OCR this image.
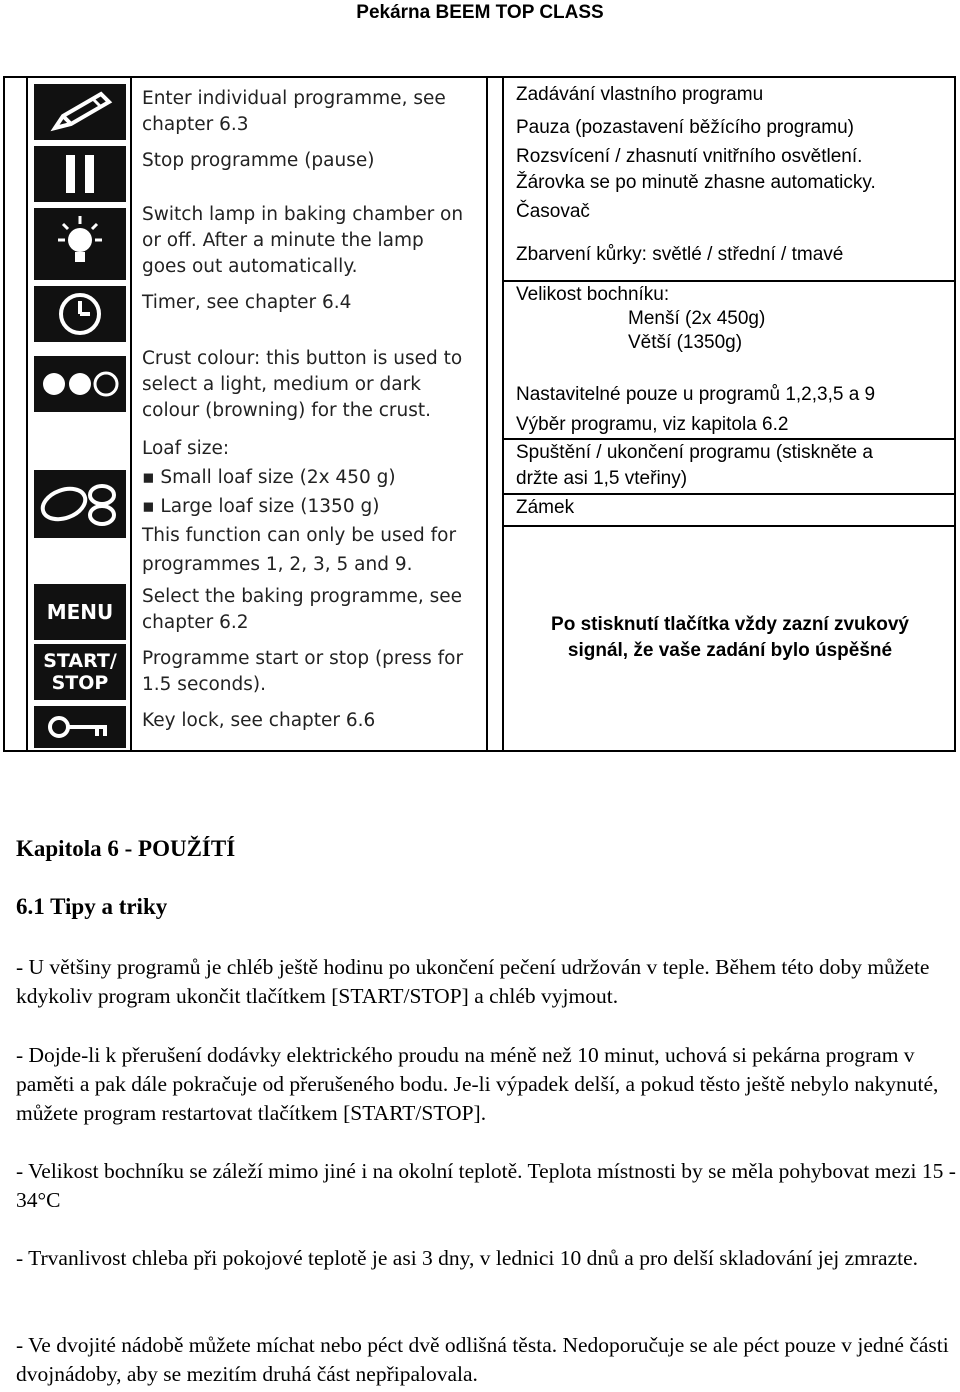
Pekárna BEEM TOP CLASS
MENU
START/
STOP
Enter individual programme, see
chapter 6.3
Stop programme (pause)
Switch lamp in baking chamber on
or off. After a minute the lamp
goes out automatically.
Timer, see chapter 6.4
Crust colour: this button is used to
select a light, medium or dark
colour (browning) for the crust.
Loaf size:
▪ Small loaf size (2x 450 g)
▪ Large loaf size (1350 g)
This function can only be used for
programmes 1, 2, 3, 5 and 9.
Select the baking programme, see
chapter 6.2
Programme start or stop (press for
1.5 seconds).
Key lock, see chapter 6.6
Zadávání vlastního programu
Pauza (pozastavení běžícího programu)
Rozsvícení / zhasnutí vnitřního osvětlení.
Žárovka se po minutě zhasne automaticky.
Časovač
Zbarvení kůrky: světlé / střední / tmavé
Velikost bochníku:
Menší (2x 450g)
Větší (1350g)
Nastavitelné pouze u programů 1,2,3,5 a 9
Výběr programu, viz kapitola 6.2
Spuštění / ukončení programu (stiskněte a
držte asi 1,5 vteřiny)
Zámek
Po stisknutí tlačítka vždy zazní zvukový
signál, že vaše zadání bylo úspěšné
Kapitola 6 - POUŽÍTÍ
6.1 Tipy a triky
- U většiny programů je chléb ještě hodinu po ukončení pečení udržován v teple. Během této doby můžete kdykoliv program ukončit tlačítkem [START/STOP] a chléb vyjmout.
- Dojde-li k přerušení dodávky elektrického proudu na méně než 10 minut, uchová si pekárna program v paměti a pak dále pokračuje od přerušeného bodu. Je-li výpadek delší, a pokud těsto ještě nebylo nakynuté, můžete program restartovat tlačítkem [START/STOP].
- Velikost bochníku se záleží mimo jiné i na okolní teplotě. Teplota místnosti by se měla pohybovat mezi 15 - 34°C
- Trvanlivost chleba při pokojové teplotě je asi 3 dny, v lednici 10 dnů a pro delší skladování jej zmrazte.
- Ve dvojité nádobě můžete míchat nebo péct dvě odlišná těsta. Nedoporučuje se ale péct pouze v jedné části dvojnádoby, aby se mezitím druhá část nepřipalovala.
